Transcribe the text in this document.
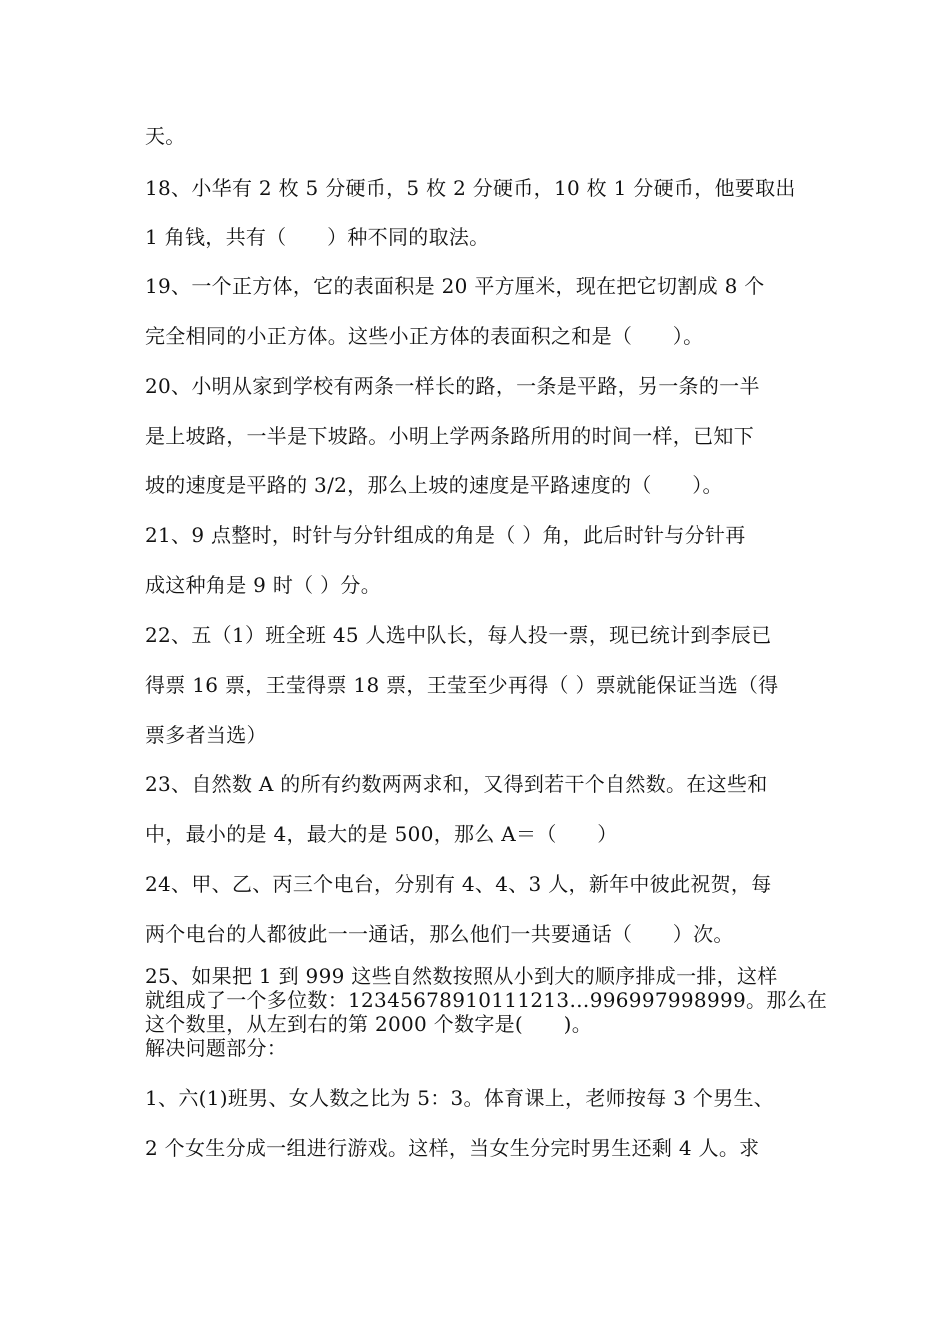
天。
18、小华有 2 枚 5 分硬币，5 枚 2 分硬币，10 枚 1 分硬币，他要取出
1 角钱，共有（　　）种不同的取法。
19、一个正方体，它的表面积是 20 平方厘米，现在把它切割成 8 个
完全相同的小正方体。这些小正方体的表面积之和是（　　）。
20、小明从家到学校有两条一样长的路，一条是平路，另一条的一半
是上坡路，一半是下坡路。小明上学两条路所用的时间一样，已知下
坡的速度是平路的 3/2，那么上坡的速度是平路速度的（　　）。
21、9 点整时，时针与分针组成的角是（ ）角，此后时针与分针再
成这种角是 9 时（ ）分。
22、五（1）班全班 45 人选中队长，每人投一票，现已统计到李辰已
得票 16 票，王莹得票 18 票，王莹至少再得（ ）票就能保证当选（得
票多者当选）
23、自然数 A 的所有约数两两求和，又得到若干个自然数。在这些和
中，最小的是 4，最大的是 500，那么 A＝（　　）
24、甲、乙、丙三个电台，分别有 4、4、3 人，新年中彼此祝贺，每
两个电台的人都彼此一一通话，那么他们一共要通话（　　）次。
25、如果把 1 到 999 这些自然数按照从小到大的顺序排成一排，这样
就组成了一个多位数：12345678910111213…996997998999。那么在
这个数里，从左到右的第 2000 个数字是(　　)。
解决问题部分：
1、六(1)班男、女人数之比为 5：3。体育课上，老师按每 3 个男生、
2 个女生分成一组进行游戏。这样，当女生分完时男生还剩 4 人。求
